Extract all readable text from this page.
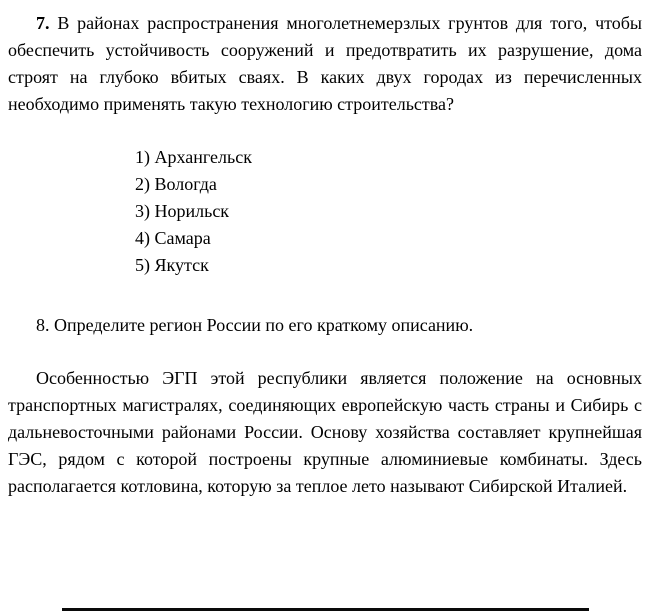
7. В районах распространения многолетнемерзлых грунтов для того, чтобы обеспечить устойчивость сооружений и предотвратить их разрушение, дома строят на глубоко вбитых сваях. В каких двух городах из перечисленных необходимо применять такую технологию строительства?

1) Архангельск
2) Вологда
3) Норильск
4) Самара
5) Якутск

8. Определите регион России по его краткому описанию.

Особенностью ЭГП этой республики является положение на основных транспортных магистралях, соединяющих европейскую часть страны и Сибирь с дальневосточными районами России. Основу хозяйства составляет крупнейшая ГЭС, рядом с которой построены крупные алюминиевые комбинаты. Здесь располагается котловина, которую за теплое лето называют Сибирской Италией.
